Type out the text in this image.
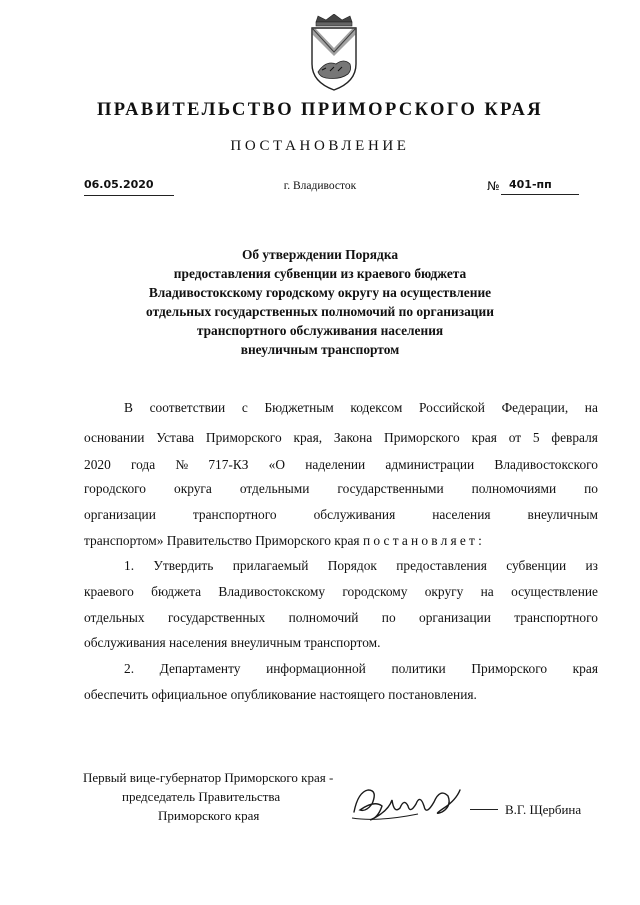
ПРАВИТЕЛЬСТВО ПРИМОРСКОГО КРАЯ
ПОСТАНОВЛЕНИЕ
06.05.2020	г. Владивосток	№ 401-пп
Об утверждении Порядка
предоставления субвенции из краевого бюджета
Владивостокскому городскому округу на осуществление
отдельных государственных полномочий по организации
транспортного обслуживания населения
внеуличным транспортом
В соответствии с Бюджетным кодексом Российской Федерации, на
основании Устава Приморского края, Закона Приморского края от 5 февраля
2020 года № 717-КЗ «О наделении администрации Владивостокского
городского округа отдельными государственными полномочиями по
организации	транспортного	обслуживания	населения	внеуличным
транспортом» Правительство Приморского края
постановляет:
1. Утвердить прилагаемый Порядок предоставления субвенции из
краевого бюджета Владивостокскому городскому округу на осуществление
отдельных государственных полномочий по организации транспортного
обслуживания населения внеуличным транспортом.
2. Департаменту информационной политики Приморского края
обеспечить официальное опубликование настоящего постановления.
Первый вице-губернатор Приморского края -
председатель Правительства
Приморского края	В.Г. Щербина
